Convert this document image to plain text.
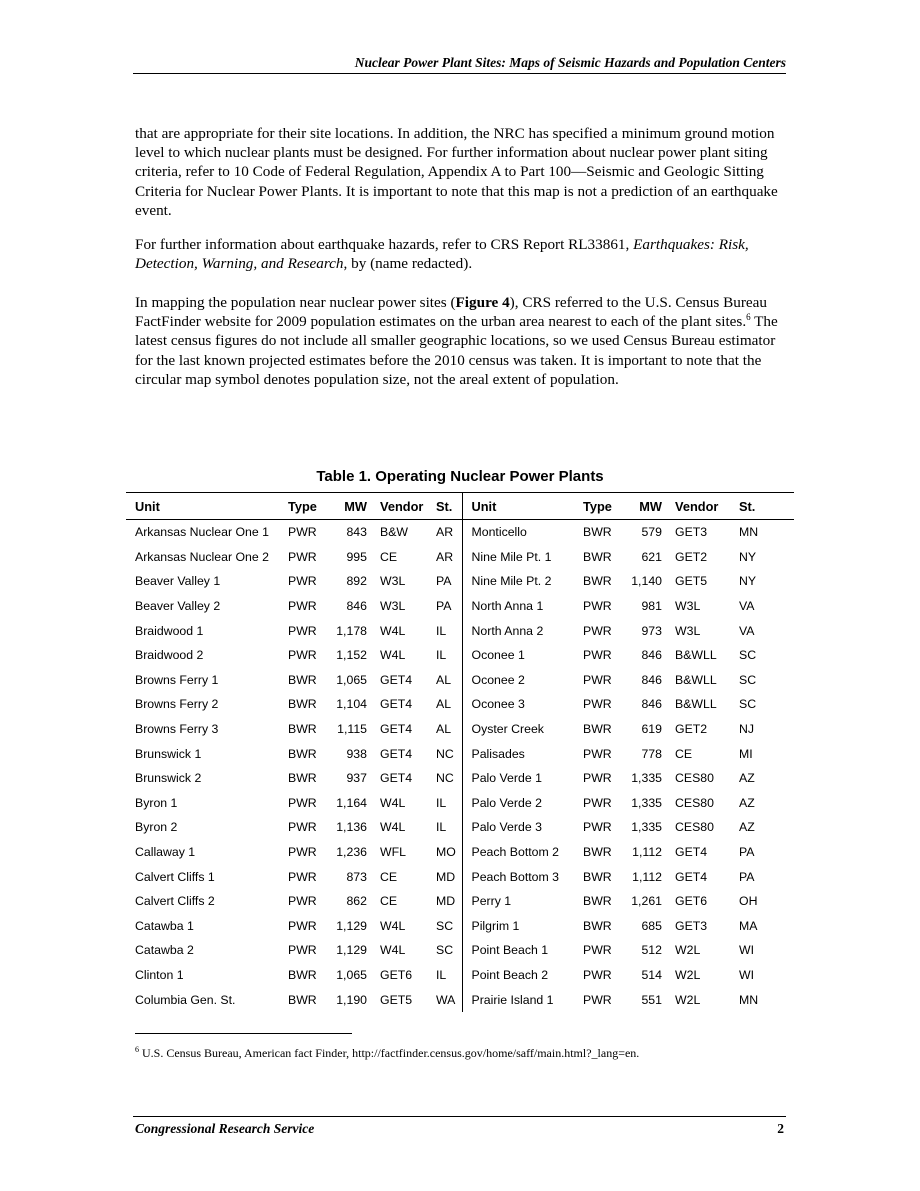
Nuclear Power Plant Sites: Maps of Seismic Hazards and Population Centers

that are appropriate for their site locations. In addition, the NRC has specified a minimum ground motion level to which nuclear plants must be designed. For further information about nuclear power plant siting criteria, refer to 10 Code of Federal Regulation, Appendix A to Part 100—Seismic and Geologic Sitting Criteria for Nuclear Power Plants. It is important to note that this map is not a prediction of an earthquake event.

For further information about earthquake hazards, refer to CRS Report RL33861, Earthquakes: Risk, Detection, Warning, and Research, by (name redacted).

In mapping the population near nuclear power sites (Figure 4), CRS referred to the U.S. Census Bureau FactFinder website for 2009 population estimates on the urban area nearest to each of the plant sites.$^6$ The latest census figures do not include all smaller geographic locations, so we used Census Bureau estimator for the last known projected estimates before the 2010 census was taken. It is important to note that the circular map symbol denotes population size, not the areal extent of population.

Table 1. Operating Nuclear Power Plants
Unit	Type	MW	Vendor	St.	Unit	Type	MW	Vendor	St.
Arkansas Nuclear One 1	PWR	843	B&W	AR	Monticello	BWR	579	GET3	MN
Arkansas Nuclear One 2	PWR	995	CE	AR	Nine Mile Pt. 1	BWR	621	GET2	NY
Beaver Valley 1	PWR	892	W3L	PA	Nine Mile Pt. 2	BWR	1,140	GET5	NY
Beaver Valley 2	PWR	846	W3L	PA	North Anna 1	PWR	981	W3L	VA
Braidwood 1	PWR	1,178	W4L	IL	North Anna 2	PWR	973	W3L	VA
Braidwood 2	PWR	1,152	W4L	IL	Oconee 1	PWR	846	B&WLL	SC
Browns Ferry 1	BWR	1,065	GET4	AL	Oconee 2	PWR	846	B&WLL	SC
Browns Ferry 2	BWR	1,104	GET4	AL	Oconee 3	PWR	846	B&WLL	SC
Browns Ferry 3	BWR	1,115	GET4	AL	Oyster Creek	BWR	619	GET2	NJ
Brunswick 1	BWR	938	GET4	NC	Palisades	PWR	778	CE	MI
Brunswick 2	BWR	937	GET4	NC	Palo Verde 1	PWR	1,335	CES80	AZ
Byron 1	PWR	1,164	W4L	IL	Palo Verde 2	PWR	1,335	CES80	AZ
Byron 2	PWR	1,136	W4L	IL	Palo Verde 3	PWR	1,335	CES80	AZ
Callaway 1	PWR	1,236	WFL	MO	Peach Bottom 2	BWR	1,112	GET4	PA
Calvert Cliffs 1	PWR	873	CE	MD	Peach Bottom 3	BWR	1,112	GET4	PA
Calvert Cliffs 2	PWR	862	CE	MD	Perry 1	BWR	1,261	GET6	OH
Catawba 1	PWR	1,129	W4L	SC	Pilgrim 1	BWR	685	GET3	MA
Catawba 2	PWR	1,129	W4L	SC	Point Beach 1	PWR	512	W2L	WI
Clinton 1	BWR	1,065	GET6	IL	Point Beach 2	PWR	514	W2L	WI
Columbia Gen. St.	BWR	1,190	GET5	WA	Prairie Island 1	PWR	551	W2L	MN
$^6$ U.S. Census Bureau, American fact Finder, http://factfinder.census.gov/home/saff/main.html?_lang=en.
Congressional Research Service	2
